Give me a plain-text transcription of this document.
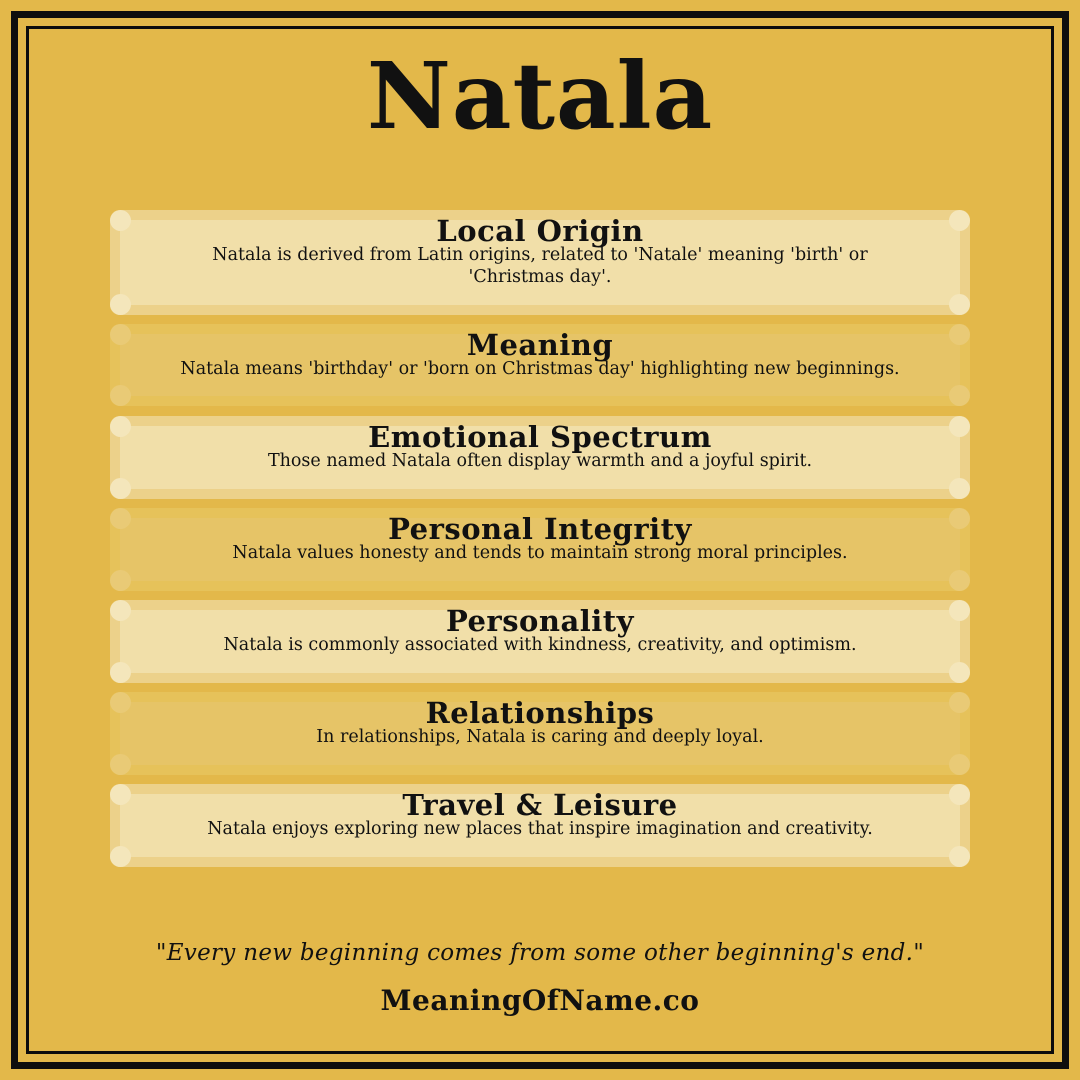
Natala
Local Origin

Natala is derived from Latin origins, related to 'Natale' meaning 'birth' or 'Christmas day'.

Meaning

Natala means 'birthday' or 'born on Christmas day' highlighting new beginnings.

Emotional Spectrum

Those named Natala often display warmth and a joyful spirit.

Personal Integrity

Natala values honesty and tends to maintain strong moral principles.

Personality

Natala is commonly associated with kindness, creativity, and optimism.

Relationships

In relationships, Natala is caring and deeply loyal.

Travel & Leisure

Natala enjoys exploring new places that inspire imagination and creativity.

"Every new beginning comes from some other beginning's end."
MeaningOfName.co
